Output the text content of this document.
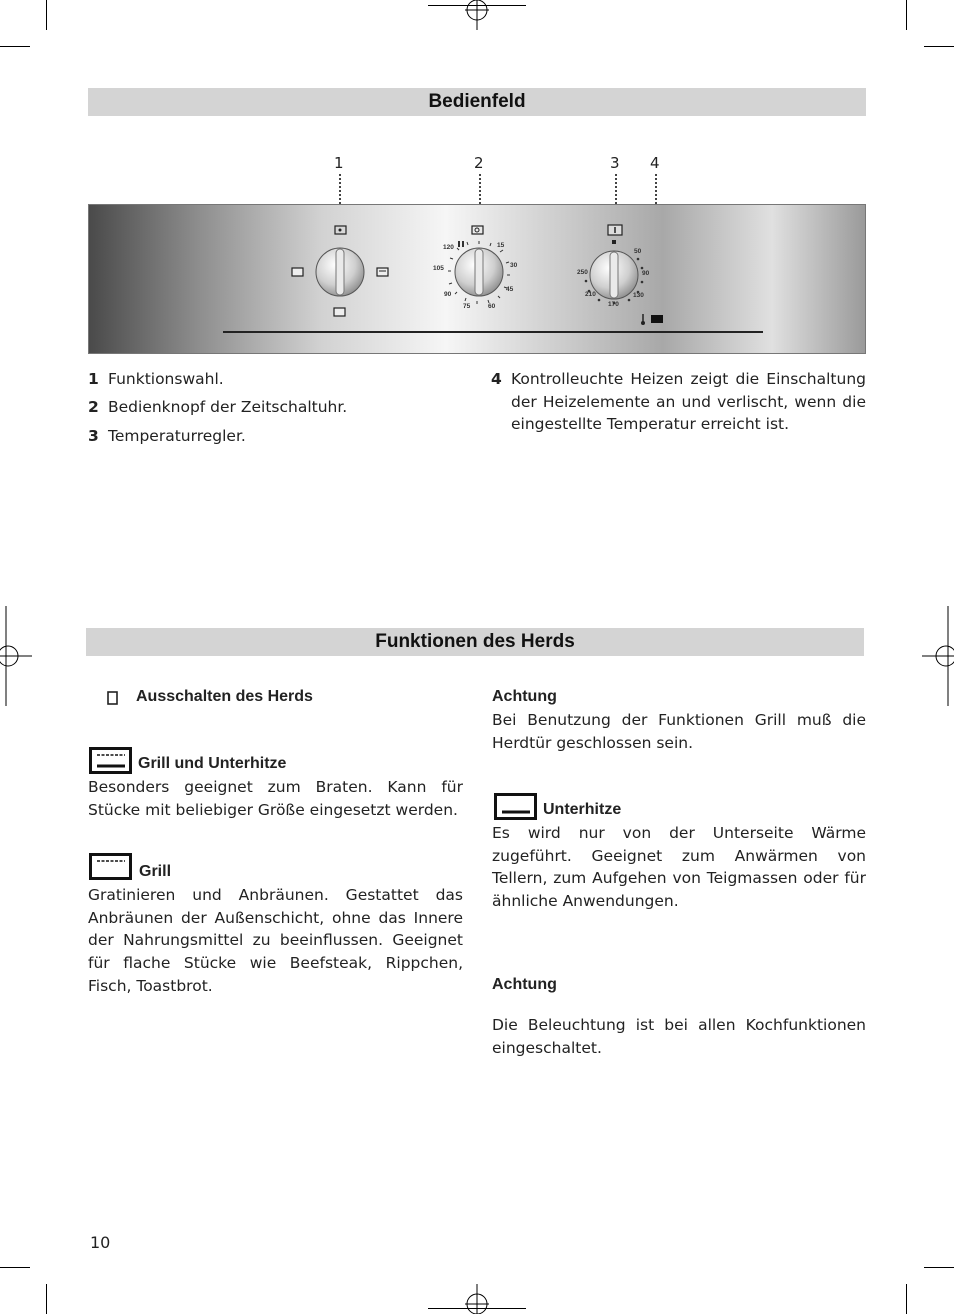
Bedienfeld
1	2	3 4
15
30
45
60
75
90
105
120
50
90
130
170
210
250
1 Funktionswahl.
2 Bedienknopf der Zeitschaltuhr.
3 Temperaturregler.
4 Kontrolleuchte Heizen zeigt die Einschaltung der Heizelemente an und verlischt, wenn die eingestellte Temperatur erreicht ist.
Funktionen des Herds
Ausschalten des Herds
Grill und Unterhitze
Besonders geeignet zum Braten. Kann für Stücke mit beliebiger Größe eingesetzt werden.
Grill
Gratinieren und Anbräunen. Gestattet das Anbräunen der Außenschicht, ohne das Innere der Nahrungsmittel zu beeinflussen. Geeignet für flache Stücke wie Beefsteak, Rippchen, Fisch, Toastbrot.
Achtung
Bei Benutzung der Funktionen Grill muß die Herdtür geschlossen sein.
Unterhitze
Es wird nur von der Unterseite Wärme zugeführt. Geeignet zum Anwärmen von Tellern, zum Aufgehen von Teigmassen oder für ähnliche Anwendungen.
Achtung
Die Beleuchtung ist bei allen Kochfunktionen eingeschaltet.
10
